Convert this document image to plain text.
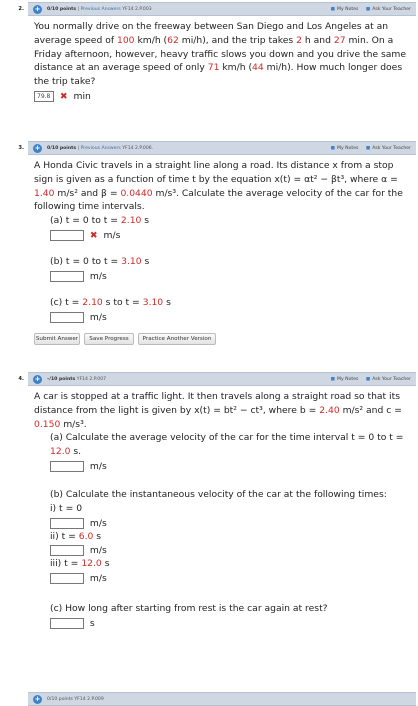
2. +	0/10 points | Previous Answers YF14 2.P.003	■ My Notes ■ Ask Your Teacher

You normally drive on the freeway between San Diego and Los Angeles at an average speed of 100 km/h (62 mi/h), and the trip takes 2 h and 27 min. On a Friday afternoon, however, heavy traffic slows you down and you drive the same distance at an average speed of only 71 km/h (44 mi/h). How much longer does the trip take?

79.8 ✖ min
3. +	0/10 points | Previous Answers YF14 2.P.006.	■ My Notes ■ Ask Your Teacher

A Honda Civic travels in a straight line along a road. Its distance x from a stop sign is given as a function of time t by the equation x(t) = αt² − βt³, where α = 1.40 m/s² and β = 0.0440 m/s³. Calculate the average velocity of the car for the following time intervals.

(a) t = 0 to t = 2.10 s
✖ m/s
(b) t = 0 to t = 3.10 s
m/s
(c) t = 2.10 s to t = 3.10 s
m/s
Submit Answer	Save Progress	Practice Another Version
4. +	–/10 points YF14 2.P.007	■ My Notes ■ Ask Your Teacher

A car is stopped at a traffic light. It then travels along a straight road so that its distance from the light is given by x(t) = bt² − ct³, where b = 2.40 m/s² and c = 0.150 m/s³.

(a) Calculate the average velocity of the car for the time interval t = 0 to t = 12.0 s.
m/s
(b) Calculate the instantaneous velocity of the car at the following times:
i) t = 0
m/s
ii) t = 6.0 s
m/s
iii) t = 12.0 s
m/s
(c) How long after starting from rest is the car again at rest?
s
+	0/10 points YF14 2.P.009
